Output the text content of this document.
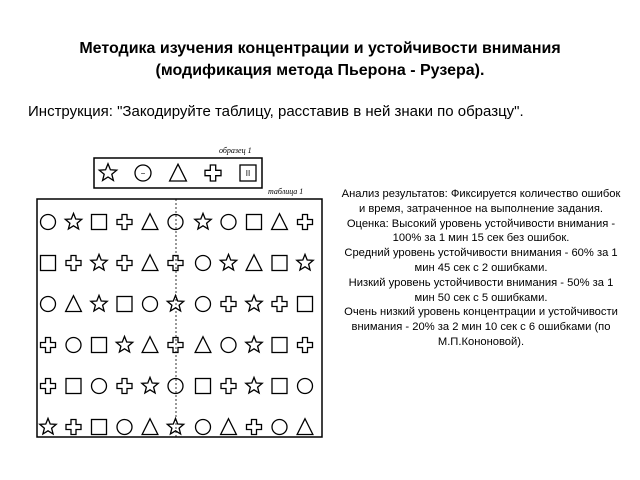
Методика изучения концентрации и устойчивости внимания
(модификация метода Пьерона - Рузера).
Инструкция: "Закодируйте таблицу, расставив в ней знаки по образцу".
образец 1
−	II
таблица 1	Анализ результатов: Фиксируется количество ошибок и время, затраченное на выполнение задания.
Оценка: Высокий уровень устойчивости внимания - 100% за 1 мин 15 сек без ошибок.
Средний уровень устойчивости внимания - 60% за 1 мин 45 сек с 2 ошибками.
Низкий уровень устойчивости внимания - 50% за 1 мин 50 сек с 5 ошибками.
Очень низкий уровень концентрации и устойчивости внимания - 20% за 2 мин 10 сек с 6 ошибками (по М.П.Кононовой).
